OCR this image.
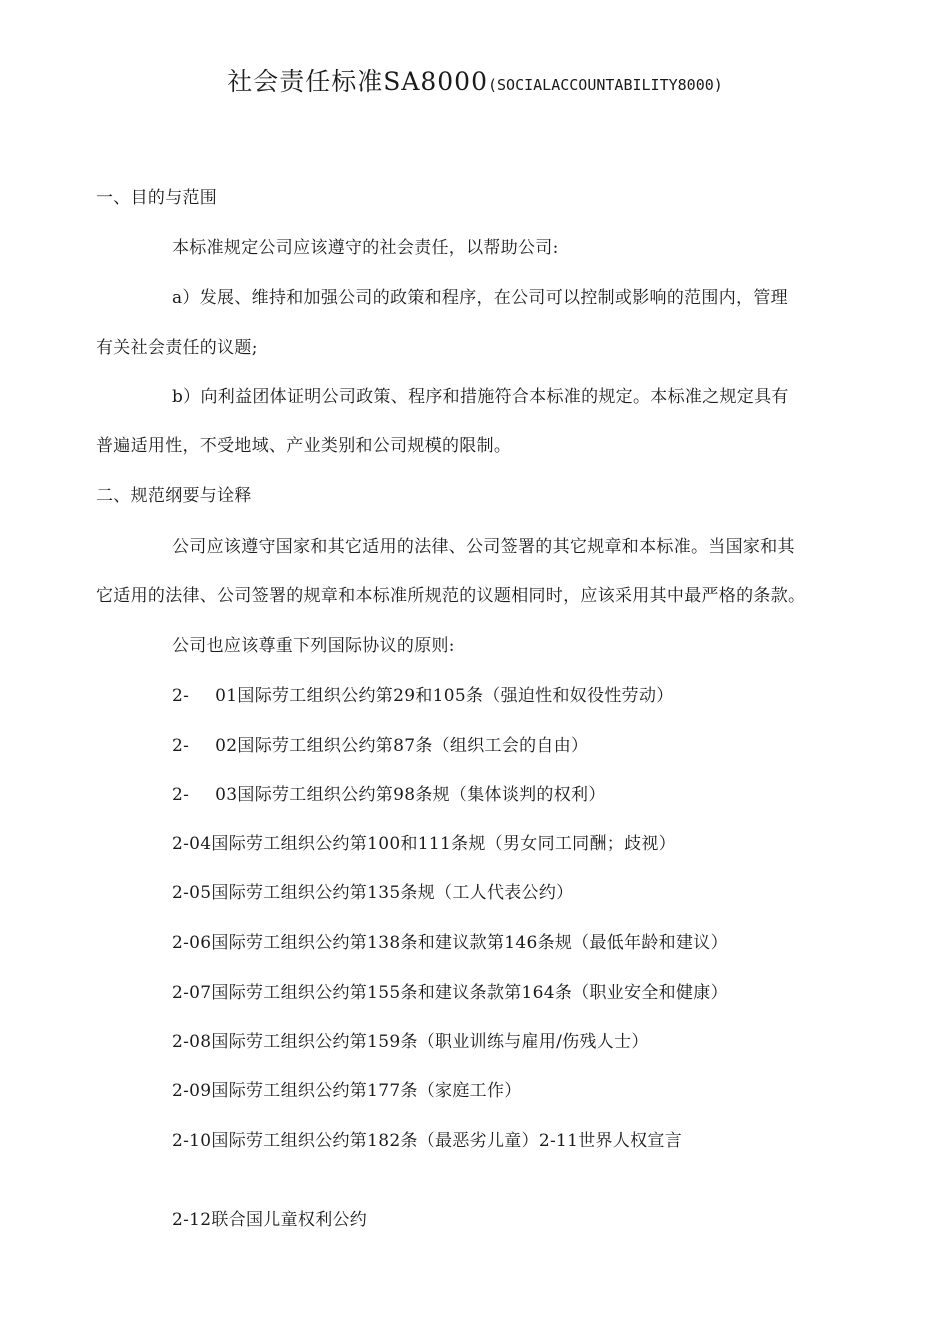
社会责任标准SA8000(SOCIALACCOUNTABILITY8000)
一、目的与范围
本标准规定公司应该遵守的社会责任，以帮助公司:
a）发展、维持和加强公司的政策和程序，在公司可以控制或影响的范围内，管理
有关社会责任的议题;
b）向利益团体证明公司政策、程序和措施符合本标准的规定。本标准之规定具有
普遍适用性，不受地域、产业类别和公司规模的限制。
二、规范纲要与诠释
公司应该遵守国家和其它适用的法律、公司签署的其它规章和本标准。当国家和其
它适用的法律、公司签署的规章和本标准所规范的议题相同时，应该采用其中最严格的条款。
公司也应该尊重下列国际协议的原则:
2- 01国际劳工组织公约第29和105条（强迫性和奴役性劳动）
2- 02国际劳工组织公约第87条（组织工会的自由）
2- 03国际劳工组织公约第98条规（集体谈判的权利）
2-04国际劳工组织公约第100和111条规（男女同工同酬；歧视）
2-05国际劳工组织公约第135条规（工人代表公约）
2-06国际劳工组织公约第138条和建议款第146条规（最低年龄和建议）
2-07国际劳工组织公约第155条和建议条款第164条（职业安全和健康）
2-08国际劳工组织公约第159条（职业训练与雇用/伤残人士）
2-09国际劳工组织公约第177条（家庭工作）
2-10国际劳工组织公约第182条（最恶劣儿童）2-11世界人权宣言
2-12联合国儿童权利公约
